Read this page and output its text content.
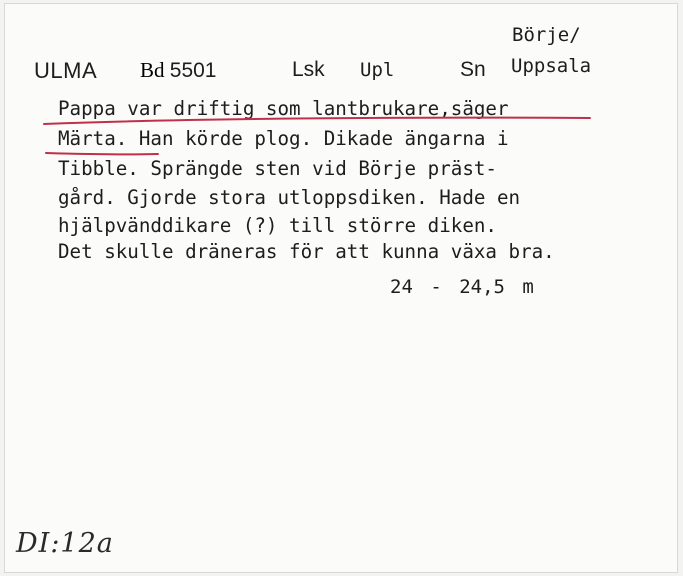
Börje/
ULMA Bd 5501	Lsk Upl	Sn Uppsala
Pappa var driftig som lantbrukare,säger
Märta. Han körde plog. Dikade ängarna i
Tibble. Sprängde sten vid Börje präst-
gård. Gjorde stora utloppsdiken. Hade en
hjälpvänddikare (?) till större diken.
Det skulle dräneras för att kunna växa bra.
24 - 24,5 m
DI:12a
